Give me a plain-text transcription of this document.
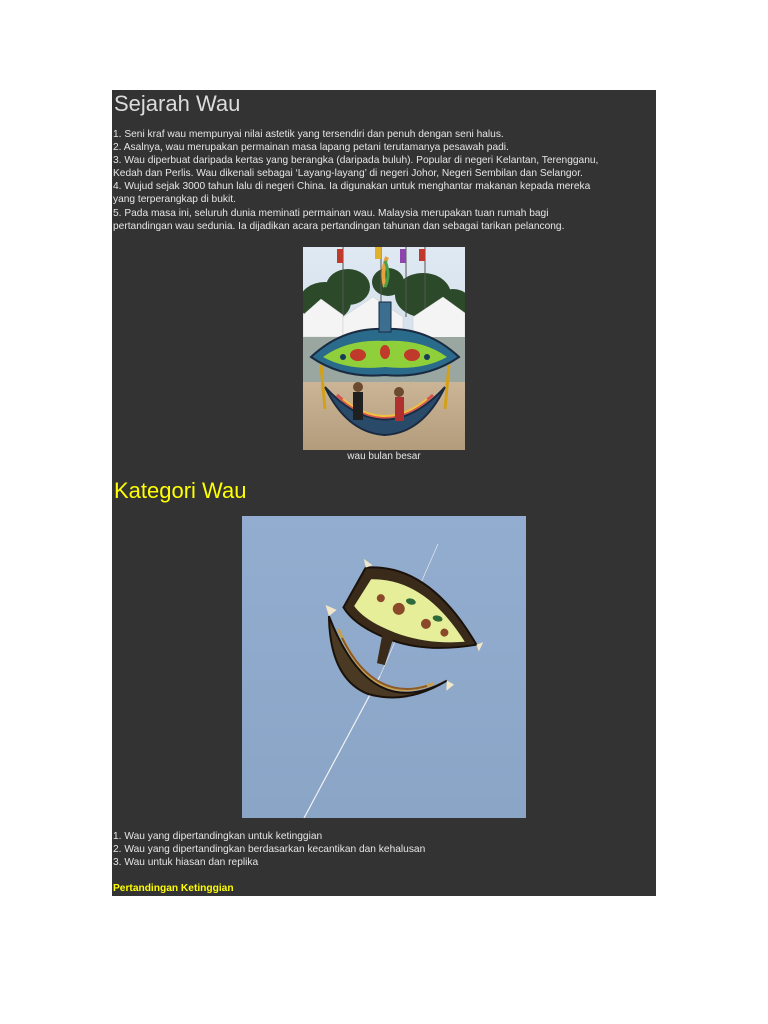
Sejarah Wau
1. Seni kraf wau mempunyai nilai astetik yang tersendiri dan penuh dengan seni halus.
2. Asalnya, wau merupakan permainan masa lapang petani terutamanya pesawah padi.
3. Wau diperbuat daripada kertas yang berangka (daripada buluh). Popular di negeri Kelantan, Terengganu,
Kedah dan Perlis. Wau dikenali sebagai ‘Layang-layang’ di negeri Johor, Negeri Sembilan dan Selangor.
4. Wujud sejak 3000 tahun lalu di negeri China. Ia digunakan untuk menghantar makanan kepada mereka
yang terperangkap di bukit.
5. Pada masa ini, seluruh dunia meminati permainan wau. Malaysia merupakan tuan rumah bagi
pertandingan wau sedunia. Ia dijadikan acara pertandingan tahunan dan sebagai tarikan pelancong.
wau bulan besar
Kategori Wau
1. Wau yang dipertandingkan untuk ketinggian
2. Wau yang dipertandingkan berdasarkan kecantikan dan kehalusan
3. Wau untuk hiasan dan replika
Pertandingan Ketinggian
